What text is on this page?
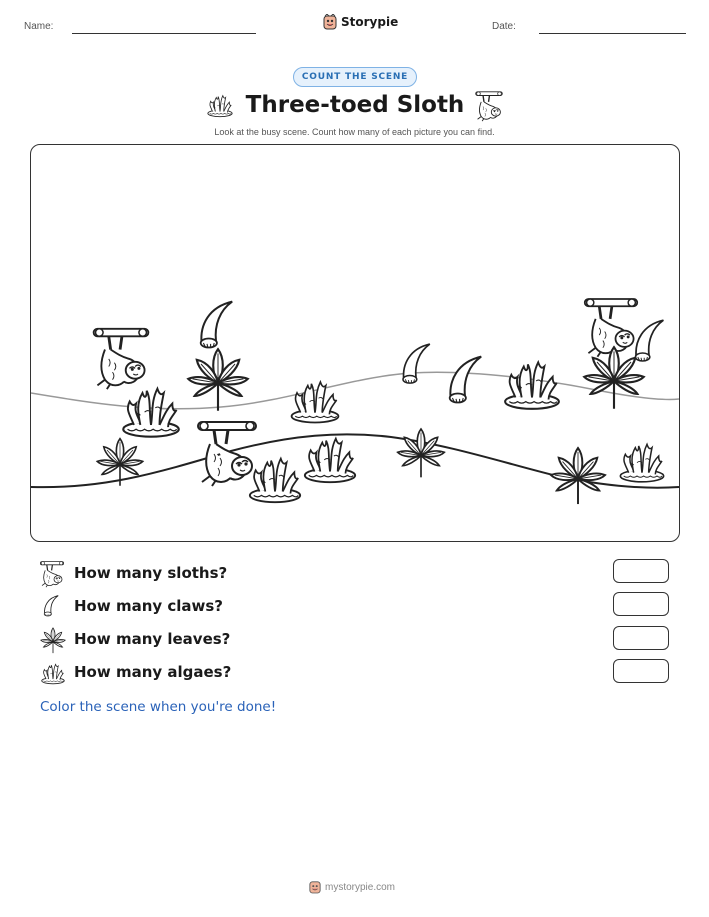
Name:	Storypie	Date:
COUNT THE SCENE
Three-toed Sloth
Look at the busy scene. Count how many of each picture you can find.
How many sloths?
How many claws?
How many leaves?
How many algaes?
Color the scene when you're done!
mystorypie.com
